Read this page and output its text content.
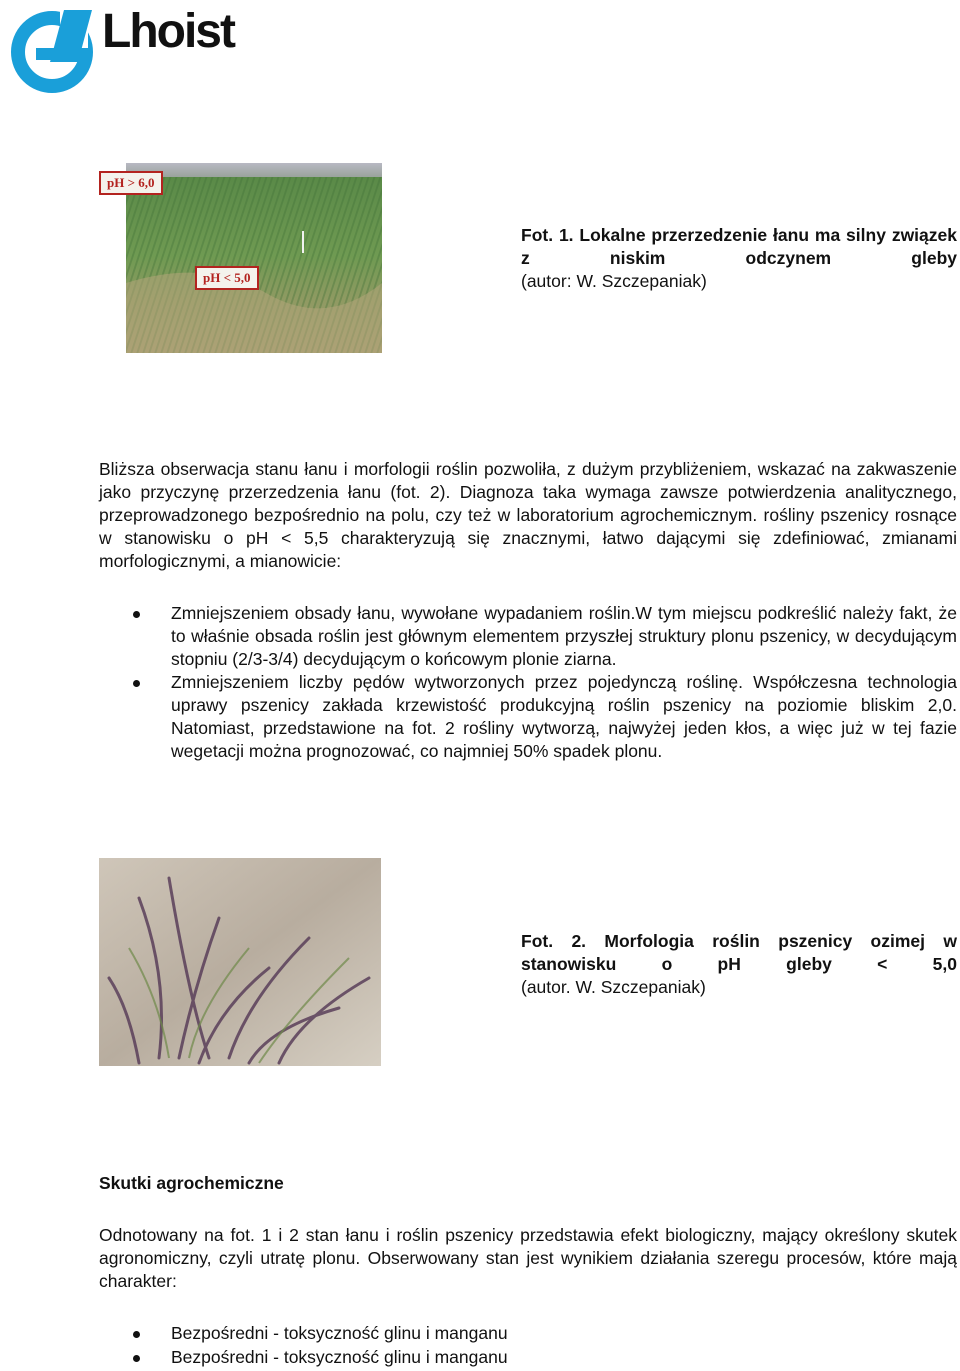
Lhoist
pH > 6,0
pH < 5,0
Fot. 1. Lokalne przerzedzenie łanu ma silny związek z niskim odczynem gleby
(autor: W. Szczepaniak)
Bliższa obserwacja stanu łanu i morfologii roślin pozwoliła, z dużym przybliżeniem, wskazać na zakwaszenie jako przyczynę przerzedzenia łanu (fot. 2). Diagnoza taka wymaga zawsze potwierdzenia analitycznego, przeprowadzonego bezpośrednio na polu, czy też w laboratorium agrochemicznym. rośliny pszenicy rosnące w stanowisku o pH < 5,5 charakteryzują się znacznymi, łatwo dającymi się zdefiniować, zmianami morfologicznymi, a mianowicie:
Zmniejszeniem obsady łanu, wywołane wypadaniem roślin.W tym miejscu podkreślić należy fakt, że to właśnie obsada roślin jest głównym elementem przyszłej struktury plonu pszenicy, w decydującym stopniu (2/3-3/4) decydującym o końcowym plonie ziarna.
Zmniejszeniem liczby pędów wytworzonych przez pojedynczą roślinę. Współczesna technologia uprawy pszenicy zakłada krzewistość produkcyjną roślin pszenicy na poziomie bliskim 2,0. Natomiast, przedstawione na fot. 2 rośliny wytworzą, najwyżej jeden kłos, a więc już w tej fazie wegetacji można prognozować, co najmniej 50% spadek plonu.
Fot. 2. Morfologia roślin pszenicy ozimej w stanowisku o pH gleby < 5,0
(autor. W. Szczepaniak)
Skutki agrochemiczne
Odnotowany na fot. 1 i 2 stan łanu i roślin pszenicy przedstawia efekt biologiczny, mający określony skutek agronomiczny, czyli utratę plonu. Obserwowany stan jest wynikiem działania szeregu procesów, które mają charakter:
Bezpośredni - toksyczność glinu i manganu
Bezpośredni - toksyczność glinu i manganu
